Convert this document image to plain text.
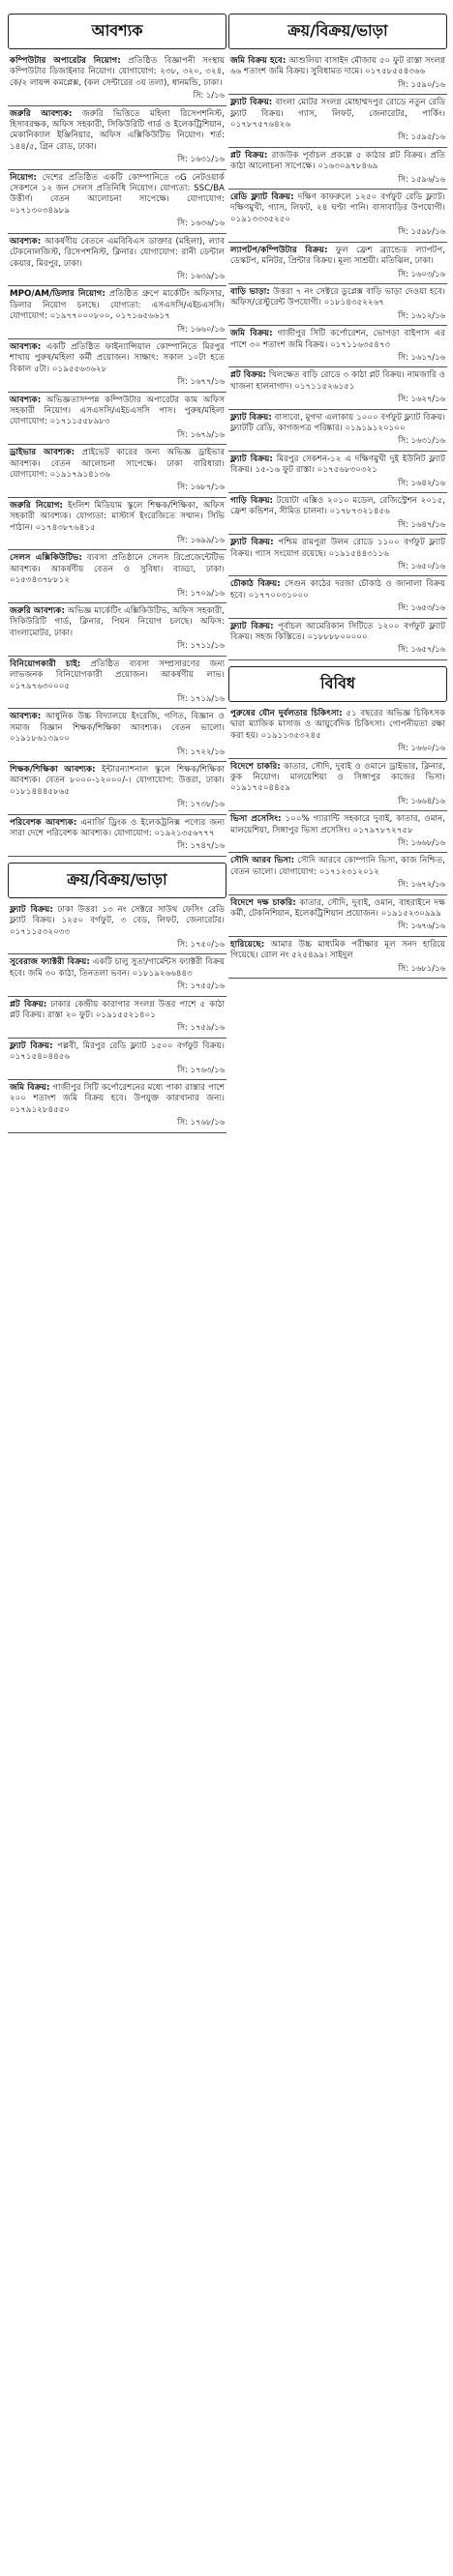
আবশ্যক
কম্পিউটার অপারেটর নিয়োগ: প্রতিষ্ঠিত বিজ্ঞাপনী সংস্থায় কম্পিউটার ডিজাইনার নিয়োগ। যোগাযোগ: ২৩৮, ৩২০, ৩২৪, কে/২ লায়ন্স কমপ্লেক্স, (কল সেন্টারের ৩য় তলা), ধানমন্ডি, ঢাকা।
সি: ১/১৬
জরুরি আবশ্যক: জরুরি ভিত্তিতে মহিলা রিসেপশনিস্ট, হিসাবরক্ষক, অফিস সহকারী, সিকিউরিটি গার্ড ও ইলেকট্রিশিয়ান, মেকানিক্যাল ইঞ্জিনিয়ার, অফিস এক্সিকিউটিভ নিয়োগ। শর্ত: ১৪৪/৫, গ্রিন রোড, ঢাকা।
সি: ১৬৩১/১৬
নিয়োগ: দেশের প্রতিষ্ঠিত একটি কোম্পানিতে ৩G নেটওয়ার্ক সেকশনে ১২ জন সেলস প্রতিনিধি নিয়োগ। যোগ্যতা: SSC/BA উত্তীর্ণ। বেতন আলোচনা সাপেক্ষে। যোগাযোগ: ০১৭১৩০৩৪৯৮৯
সি: ১৬৩৬/১৬
আবশ্যক: আকর্ষণীয় বেতনে এমবিবিএস ডাক্তার (মহিলা), ল্যাব টেকনোলজিস্ট, রিসেপশনিস্ট, ক্লিনার। যোগাযোগ: রানী ডেন্টাল কেয়ার, মিরপুর, ঢাকা।
সি: ১৬৩৯/১৬
MPO/AM/ডিলার নিয়োগ: প্রতিষ্ঠিত গ্রুপে মার্কেটিং অফিসার, ডিলার নিয়োগ চলছে। যোগ্যতা: এসএসসি/এইচএসসি। যোগাযোগ: ০১৯৭৭০০০৮০০, ০১৭১৬৫৬৬১৭
সি: ১৬৬০/১৬
আবশ্যক: একটি প্রতিষ্ঠিত ফাইন্যান্সিয়াল কোম্পানিতে মিরপুর শাখায় পুরুষ/মহিলা কর্মী প্রয়োজন। সাক্ষাৎ: সকাল ১০টা হতে বিকাল ৫টা। ০১৯৫৫৬৩৬২৮
সি: ১৬৭৭/১৬
আবশ্যক: অভিজ্ঞতাসম্পন্ন কম্পিউটার অপারেটর কাম অফিস সহকারী নিয়োগ। এসএসসি/এইচএসসি পাস। পুরুষ/মহিলা যোগাযোগ: ০১৭১১৫৫৮৯৮৩
সি: ১৬৭৯/১৬
ড্রাইভার আবশ্যক: প্রাইভেট কারের জন্য অভিজ্ঞ ড্রাইভার আবশ্যক। বেতন আলোচনা সাপেক্ষে। ঢাকা বারিধারা। যোগাযোগ: ০১৯১৭৯১৪১৩৬
সি: ১৬৮৭/১৬
জরুরি নিয়োগ: ইংলিশ মিডিয়াম স্কুলে শিক্ষক/শিক্ষিকা, অফিস সহকারী আবশ্যক। যোগ্যতা: মাস্টার্স ইংরেজিতে সম্মান। সিভি পাঠান। ০১৭৪৩৮৭৬৪১৫
সি: ১৬৯৯/১৬
সেলস এক্সিকিউটিভ: ব্যবসা প্রতিষ্ঠানে সেলস রিপ্রেজেন্টেটিভ আবশ্যক। আকর্ষণীয় বেতন ও সুবিধা। বাড্ডা, ঢাকা। ০১৫৩৪৩৭৮৮১২
সি: ১৭০৯/১৬
জরুরি আবশ্যক: অভিজ্ঞ মার্কেটিং এক্সিকিউটিভ, অফিস সহকারী, সিকিউরিটি গার্ড, ক্লিনার, পিয়ন নিয়োগ চলছে। অফিস: বাংলামোটর, ঢাকা।
সি: ১৭১১/১৬
বিনিয়োগকারী চাই: প্রতিষ্ঠিত ব্যবসা সম্প্রসারণের জন্য লাভজনক বিনিয়োগকারী প্রয়োজন। আকর্ষণীয় লাভ। ০১৭৯৭৬৩০০০৫
সি: ১৭১৯/১৬
আবশ্যক: আধুনিক উচ্চ বিদ্যালয়ে ইংরেজি, গণিত, বিজ্ঞান ও সমাজ বিজ্ঞান শিক্ষক/শিক্ষিকা আবশ্যক। বেতন ভালো। ০১৯১৮৬১৩৯০০
সি: ১৭২২/১৬
শিক্ষক/শিক্ষিকা আবশ্যক: ইন্টারন্যাশনাল স্কুলে শিক্ষক/শিক্ষিকা আবশ্যক। বেতন ৮০০০-১২০০০/-। যোগাযোগ: উত্তরা, ঢাকা। ০১৮১৪৪৪৫৮৬৫
সি: ১৭৩৮/১৬
পরিবেশক আবশ্যক: এনার্জি ড্রিংক ও ইলেকট্রনিক্স পণ্যের জন্য সারা দেশে পরিবেশক আবশ্যক। যোগাযোগ: ০১৯২১৩৫৬৭৭৭
সি: ১৭৪৭/১৬
ক্রয়/বিক্রয়/ভাড়া
ফ্ল্যাট বিক্রয়: ঢাকা উত্তরা ১৩ নং সেক্টরে সাউথ ফেসিং রেডি ফ্ল্যাট বিক্রয়। ১২৫০ বর্গফুট, ৩ বেড, লিফট, জেনারেটর। ০১৭১১৫৩২০৩৩
সি: ১৭৫০/১৬
সুবেরাজ ফ্যাক্টরী বিক্রয়: একটি চালু সুতা/গার্মেন্টস ফ্যাক্টরী বিক্রয় হবে। জমি ৩০ কাঠা, তিনতলা ভবন। ০১৮১৯২৬৬৪৪৩
সি: ১৭৫৫/১৬
প্লট বিক্রয়: ঢাকার কেন্দ্রীয় কারাগার সংলগ্ন উত্তর পাশে ৫ কাঠা প্লট বিক্রয়। রাস্তা ২০ ফুট। ০১৯১৫৫২১৪০১
সি: ১৭৫৯/১৬
ফ্ল্যাট বিক্রয়: পল্লবী, মিরপুর রেডি ফ্ল্যাট ১৫০০ বর্গফুট বিক্রয়। ০১৭১৫৪০৪৪৫৬
সি: ১৭৬৩/১৬
জমি বিক্রয়: গাজীপুর সিটি কর্পোরেশনের মধ্যে পাকা রাস্তার পাশে ২০০ শতাংশ জমি বিক্রয় হবে। উপযুক্ত কারখানার জন্য। ০১৭৯১২৮৪৫৫০
সি: ১৭৬৮/১৬
ক্রয়/বিক্রয়/ভাড়া
জমি বিক্রয় হবে: আশুলিয়া বাসাইদ মৌজায় ৫০ ফুট রাস্তা সংলগ্ন ৬৬ শতাংশ জমি বিক্রয়। সুবিধামত দামে। ০১৭৫৮৫৫৪৩৬৬
সি: ১৫৯০/১৬
ফ্ল্যাট বিক্রয়: বাংলা মোটর সংলগ্ন মোহাম্মদপুর রোডে নতুন রেডি ফ্ল্যাট বিক্রয়। গ্যাস, লিফট, জেনারেটর, পার্কিং। ০১৭৮৭৫৭৬৪২৬
সি: ১৫৯৫/১৬
প্লট বিক্রয়: রাজউক পূর্বাচল প্রকল্পে ৫ কাঠার প্লট বিক্রয়। প্রতি কাঠা আলোচনা সাপেক্ষে। ০১৬৩০৯৭৮৪৬৯
সি: ১৫৯৬/১৬
রেডি ফ্ল্যাট বিক্রয়: দক্ষিণ কাফরুলে ১২৫০ বর্গফুট রেডি ফ্ল্যাট। দক্ষিণমুখী, গ্যাস, লিফট, ২৪ ঘণ্টা পানি। বাসাবাড়ির উপযোগী। ০১৯১৩৩৩৫২৫০
সি: ১৫৯৮/১৬
ল্যাপটপ/কম্পিউটার বিক্রয়: ফুল ফ্রেশ ব্র্যান্ডেড ল্যাপটপ, ডেস্কটপ, মনিটর, প্রিন্টার বিক্রয়। মূল্য সাশ্রয়ী। মতিঝিল, ঢাকা।
সি: ১৬০৩/১৬
বাড়ি ভাড়া: উত্তরা ৭ নং সেক্টরে ডুপ্লেক্স বাড়ি ভাড়া দেওয়া হবে। অফিস/রেস্টুরেন্ট উপযোগী। ০১৮১৪৩৫২২৬৭
সি: ১৬১২/১৬
জমি বিক্রয়: গাজীপুর সিটি কর্পোরেশন, ভোগড়া বাইপাস এর পাশে ৩০ শতাংশ জমি বিক্রয়। ০১৭১১৬৩৫৪৭৩
সি: ১৬১৭/১৬
প্লট বিক্রয়: খিলক্ষেত বাড়ি রোডে ৩ কাঠা প্লট বিক্রয়। নামজারি ও খাজনা হালনাগাদ। ০১৭১১৫২৬১৫১
সি: ১৬২৭/১৬
ফ্ল্যাট বিক্রয়: বাসাবো, মুগদা এলাকায় ১০০০ বর্গফুট ফ্ল্যাট বিক্রয়। ফ্ল্যাটটি রেডি, কাগজপত্র পরিষ্কার। ০১৯১৯১২০১০০
সি: ১৬৩১/১৬
ফ্ল্যাট বিক্রয়: মিরপুর সেকশন-১২ এ দক্ষিণমুখী দুই ইউনিট ফ্ল্যাট বিক্রয়। ১৫-১৬ ফুট রাস্তা। ০১৭৫৬৮৩০৩২১
সি: ১৬৪২/১৬
গাড়ি বিক্রয়: টয়োটা এক্সিও ২০১০ মডেল, রেজিস্ট্রেশন ২০১৫, ফ্রেশ কন্ডিশন, সীমিত চালনা। ০১৭৮৭৩২১৪৫৬
সি: ১৬৪৭/১৬
ফ্ল্যাট বিক্রয়: পশ্চিম রামপুরা উলন রোডে ১১০০ বর্গফুট ফ্ল্যাট বিক্রয়। গ্যাস সংযোগ রয়েছে। ০১৯১৫৪৪৩১১৬
সি: ১৬৫০/১৬
চৌকাঠ বিক্রয়: সেগুন কাঠের দরজা চৌকাঠ ও জানালা বিক্রয় হবে। ০১৭৭০০৩১০০০
সি: ১৬৫৩/১৬
ফ্ল্যাট বিক্রয়: পূর্বাচল আমেরিকান সিটিতে ১২০০ বর্গফুট ফ্ল্যাট বিক্রয়। সহজ কিস্তিতে। ০১৮৮৮৮০০০০০
সি: ১৬৫৭/১৬
বিবিধ
পুরুষের যৌন দুর্বলতার চিকিৎসা: ৫১ বছরের অভিজ্ঞ চিকিৎসক দ্বারা ম্যাজিক মাসাজ ও আয়ুর্বেদিক চিকিৎসা। গোপনীয়তা রক্ষা করা হয়। ০১৯১১৩৫৩২৪৫
সি: ১৬৬০/১৬
বিদেশে চাকরি: কাতার, সৌদি, দুবাই ও ওমানে ড্রাইভার, ক্লিনার, কুক নিয়োগ। মালয়েশিয়া ও সিঙ্গাপুর কাজের ভিসা। ০১৯১৭৫০৪৪৫৯
সি: ১৬৬৪/১৬
ভিসা প্রসেসিং: ১০০% গ্যারান্টি সহকারে দুবাই, কাতার, ওমান, মালয়েশিয়া, সিঙ্গাপুর ভিসা প্রসেসিং। ০১৭৯৭৮৭২৭৫৮
সি: ১৬৬৮/১৬
সৌদি আরব ভিসা: সৌদি আরবে কোম্পানি ভিসা, কাজ নিশ্চিত, বেতন ভালো। যোগাযোগ: ০১৭১২৩১২০১২
সি: ১৬৭২/১৬
বিদেশে দক্ষ চাকরি: কাতার, সৌদি, দুবাই, ওমান, বাহরাইনে দক্ষ কর্মী, টেকনিশিয়ান, ইলেকট্রিশিয়ান প্রয়োজন। ০১৯১৫২৩০৯৯৯
সি: ১৬৭৬/১৬
হারিয়েছে: আমার উচ্চ মাধ্যমিক পরীক্ষার মূল সনদ হারিয়ে গিয়েছে। রোল নং ৫২৫৪৯৯। সাইদুল
সি: ১৬৮১/১৬
